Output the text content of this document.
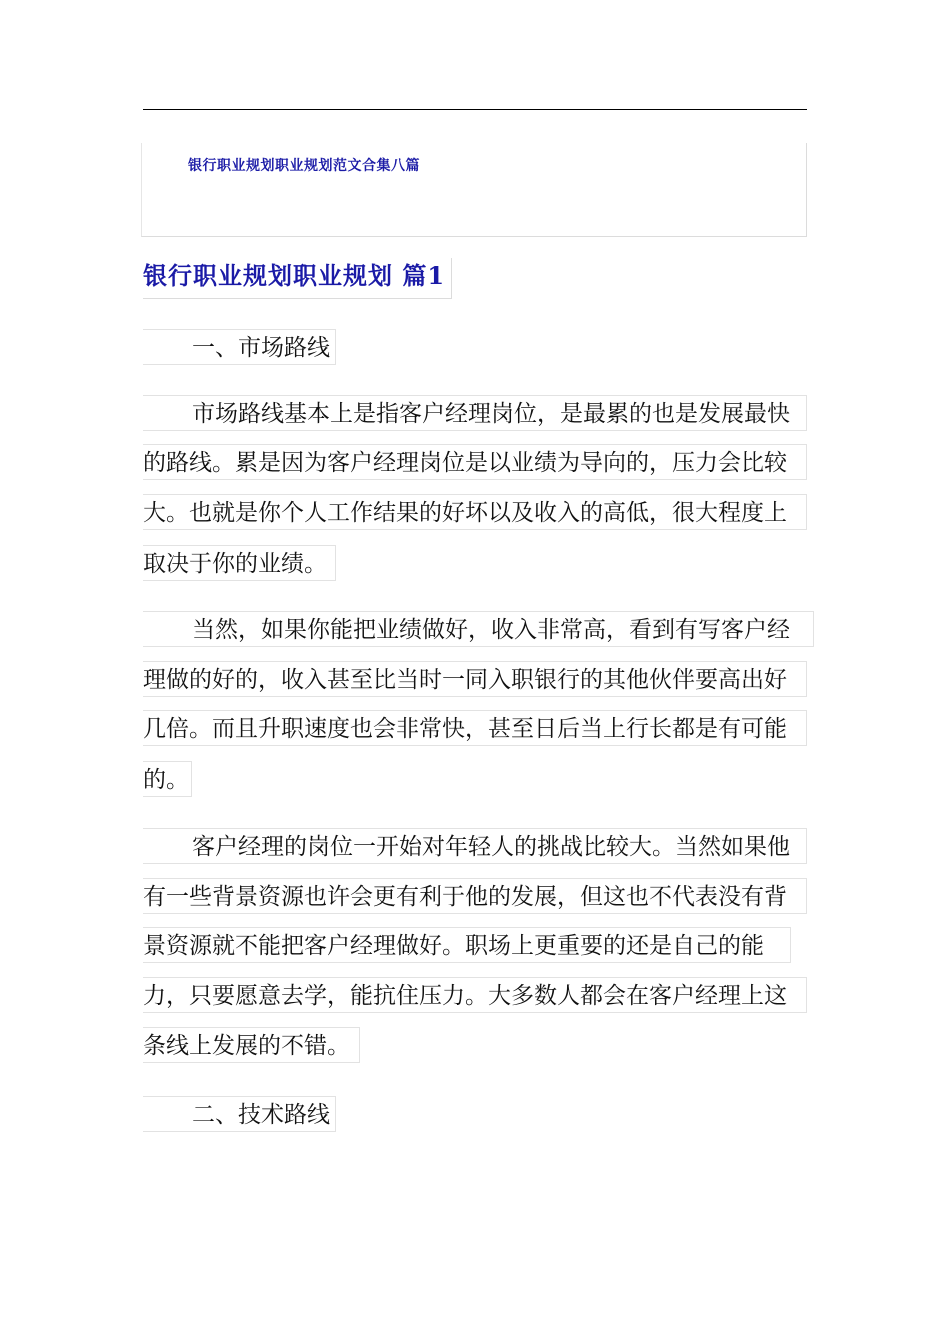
银行职业规划职业规划范文合集八篇
银行职业规划职业规划 篇1
一、市场路线
市场路线基本上是指客户经理岗位，是最累的也是发展最快
的路线。累是因为客户经理岗位是以业绩为导向的，压力会比较
大。也就是你个人工作结果的好坏以及收入的高低，很大程度上
取决于你的业绩。
当然，如果你能把业绩做好，收入非常高，看到有写客户经
理做的好的，收入甚至比当时一同入职银行的其他伙伴要高出好
几倍。而且升职速度也会非常快，甚至日后当上行长都是有可能
的。
客户经理的岗位一开始对年轻人的挑战比较大。当然如果他
有一些背景资源也许会更有利于他的发展，但这也不代表没有背
景资源就不能把客户经理做好。职场上更重要的还是自己的能
力，只要愿意去学，能抗住压力。大多数人都会在客户经理上这
条线上发展的不错。
二、技术路线
